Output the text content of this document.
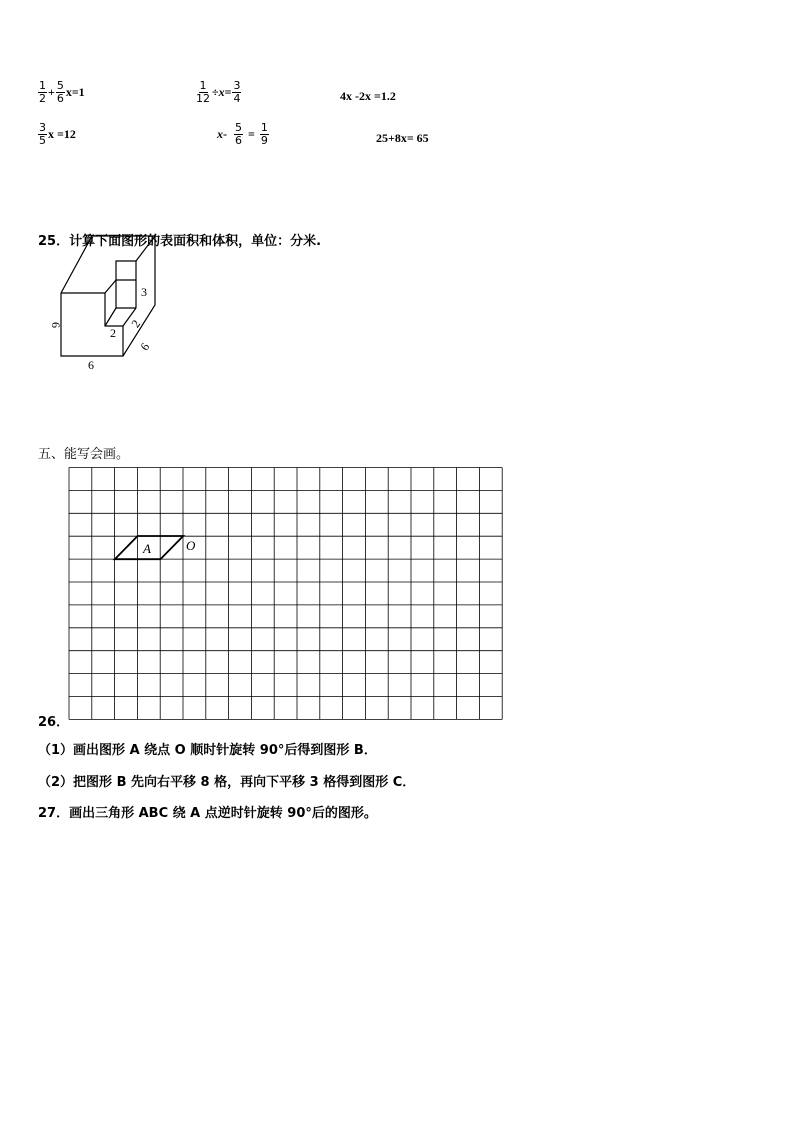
$\frac{1}{2} + \frac{5}{6} x=1$	$\frac{1}{12} \div x = \frac{3}{4}$	4x -2x =1.2
$\frac{3}{5}$ x =12	$x - \frac{5}{6} = \frac{1}{9}$	25+8x= 65
25．计算下面图形的表面积和体积，单位：分米.
6
6
6
2
2
3
五、能写会画。
26．
A	O
（1）画出图形 A 绕点 O 顺时针旋转 90°后得到图形 B．
（2）把图形 B 先向右平移 8 格，再向下平移 3 格得到图形 C．
27．画出三角形 ABC 绕 A 点逆时针旋转 90°后的图形。
